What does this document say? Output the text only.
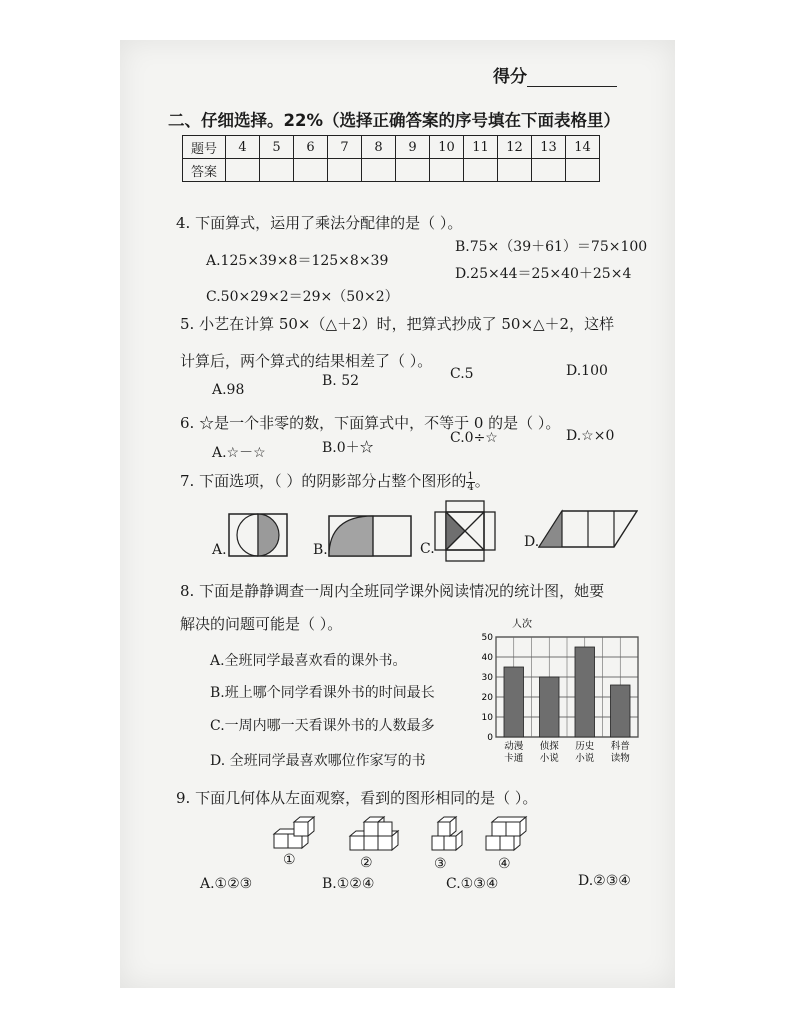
得分
二、仔细选择。22%（选择正确答案的序号填在下面表格里）
题号	4	5	6	7	8	9	10	11	12	13	14
答案											
4. 下面算式，运用了乘法分配律的是（ ）。
A.125×39×8＝125×8×39
B.75×（39＋61）＝75×100
C.50×29×2＝29×（50×2）
D.25×44＝25×40＋25×4
5. 小艺在计算 50×（△＋2）时，把算式抄成了 50×△＋2，这样
计算后，两个算式的结果相差了（ ）。
A.98
B. 52	C.5	D.100
6. ☆是一个非零的数，下面算式中，不等于 0 的是（ ）。
A.☆－☆	B.0＋☆
C.0÷☆	D.☆×0
7. 下面选项，（ ）的阴影部分占整个图形的 $\frac{1}{4}$ 。
A.	B.	C.	D.
8. 下面是静静调查一周内全班同学课外阅读情况的统计图，她要
解决的问题可能是（ ）。
A.全班同学最喜欢看的课外书。
B.班上哪个同学看课外书的时间最长
C.一周内哪一天看课外书的人数最多
D. 全班同学最喜欢哪位作家写的书
人次
0
10
20
30
40
50
动漫
卡通
侦探
小说
历史
小说
科普
读物
9. 下面几何体从左面观察，看到的图形相同的是（ ）。
①	②	③	④
A.①②③	B.①②④	C.①③④	D.②③④
